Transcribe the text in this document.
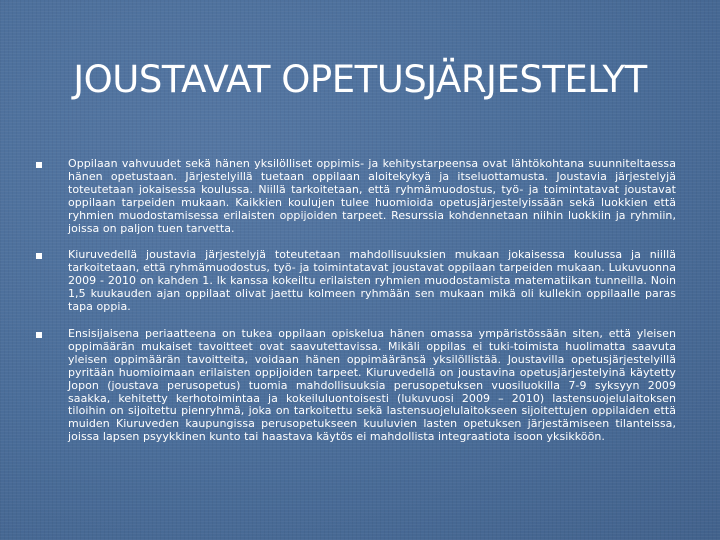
JOUSTAVAT OPETUSJÄRJESTELYT

Oppilaan vahvuudet sekä hänen yksilölliset oppimis- ja kehitystarpeensa ovat lähtökohtana suunniteltaessa hänen opetustaan. Järjestelyillä tuetaan oppilaan aloitekykyä ja itseluottamusta. Joustavia järjestelyjä toteutetaan jokaisessa koulussa. Niillä tarkoitetaan, että ryhmämuodostus, työ- ja toimintatavat joustavat oppilaan tarpeiden mukaan. Kaikkien koulujen tulee huomioida opetusjärjestelyissään sekä luokkien että ryhmien muodostamisessa erilaisten oppijoiden tarpeet. Resurssia kohdennetaan niihin luokkiin ja ryhmiin, joissa on paljon tuen tarvetta.

Kiuruvedellä joustavia järjestelyjä toteutetaan mahdollisuuksien mukaan jokaisessa koulussa ja niillä tarkoitetaan, että ryhmämuodostus, työ- ja toimintatavat joustavat oppilaan tarpeiden mukaan. Lukuvuonna 2009 - 2010 on kahden 1. lk kanssa kokeiltu erilaisten ryhmien muodostamista matematiikan tunneilla. Noin 1,5 kuukauden ajan oppilaat olivat jaettu kolmeen ryhmään sen mukaan mikä oli kullekin oppilaalle paras tapa oppia.

Ensisijaisena periaatteena on tukea oppilaan opiskelua hänen omassa ympäristössään siten, että yleisen oppimäärän mukaiset tavoitteet ovat saavutettavissa. Mikäli oppilas ei tuki-toimista huolimatta saavuta yleisen oppimäärän tavoitteita, voidaan hänen oppimääränsä yksilöllistää. Joustavilla opetusjärjestelyillä pyritään huomioimaan erilaisten oppijoiden tarpeet. Kiuruvedellä on joustavina opetusjärjestelyinä käytetty Jopon (joustava perusopetus) tuomia mahdollisuuksia perusopetuksen vuosiluokilla 7-9 syksyyn 2009 saakka, kehitetty kerhotoimintaa ja kokeiluluontoisesti (lukuvuosi 2009 – 2010) lastensuojelulaitoksen tiloihin on sijoitettu pienryhmä, joka on tarkoitettu sekä lastensuojelulaitokseen sijoitettujen oppilaiden että muiden Kiuruveden kaupungissa perusopetukseen kuuluvien lasten opetuksen järjestämiseen tilanteissa, joissa lapsen psyykkinen kunto tai haastava käytös ei mahdollista integraatiota isoon yksikköön.
